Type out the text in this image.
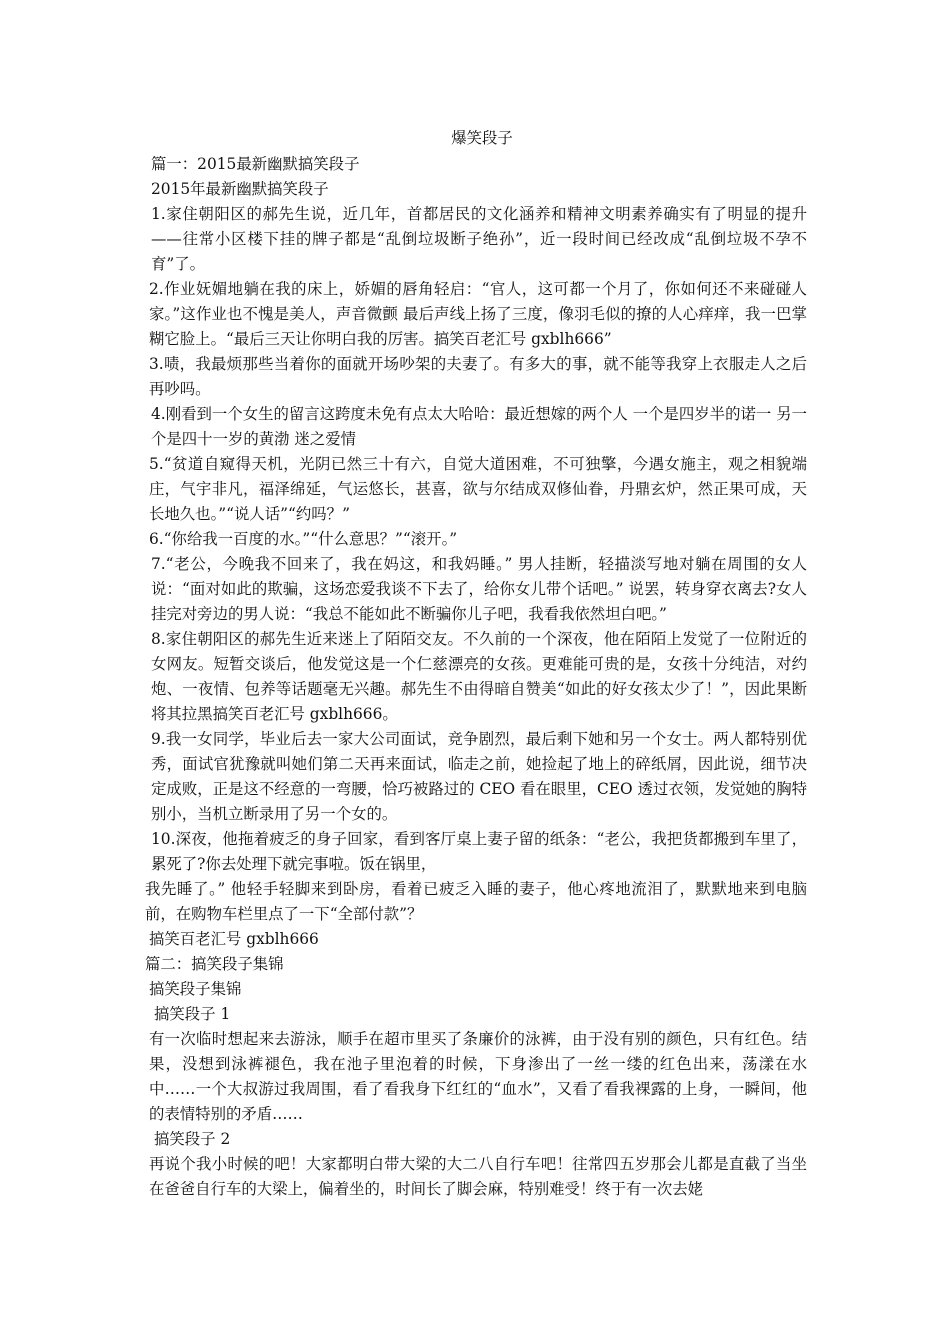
爆笑段子
篇一：2015最新幽默搞笑段子
2015年最新幽默搞笑段子
1.家住朝阳区的郝先生说，近几年，首都居民的文化涵养和精神文明素养确实有了明显的提升——往常小区楼下挂的牌子都是“乱倒垃圾断子绝孙”，近一段时间已经改成“乱倒垃圾不孕不育”了。
2.作业妩媚地躺在我的床上，娇媚的唇角轻启：“官人，这可都一个月了，你如何还不来碰碰人家。”这作业也不愧是美人，声音微颤 最后声线上扬了三度，像羽毛似的撩的人心痒痒，我一巴掌糊它脸上。“最后三天让你明白我的厉害。搞笑百老汇号 gxblh666”
3.啧，我最烦那些当着你的面就开场吵架的夫妻了。有多大的事，就不能等我穿上衣服走人之后再吵吗。
4.刚看到一个女生的留言这跨度未免有点太大哈哈：最近想嫁的两个人 一个是四岁半的诺一 另一个是四十一岁的黄渤 迷之爱情
5.“贫道自窥得天机，光阴已然三十有六，自觉大道困难，不可独擎，今遇女施主，观之相貌端庄，气宇非凡，福泽绵延，气运悠长，甚喜，欲与尔结成双修仙眷，丹鼎玄炉，然正果可成，天长地久也。”“说人话”“约吗？”
6.“你给我一百度的水。”“什么意思？”“滚开。”
7.“老公，今晚我不回来了，我在妈这，和我妈睡。” 男人挂断，轻描淡写地对躺在周围的女人说：“面对如此的欺骗，这场恋爱我谈不下去了，给你女儿带个话吧。” 说罢，转身穿衣离去?女人挂完对旁边的男人说：“我总不能如此不断骗你儿子吧，我看我依然坦白吧。”
8.家住朝阳区的郝先生近来迷上了陌陌交友。不久前的一个深夜，他在陌陌上发觉了一位附近的女网友。短暂交谈后，他发觉这是一个仁慈漂亮的女孩。更难能可贵的是，女孩十分纯洁，对约炮、一夜情、包养等话题毫无兴趣。郝先生不由得暗自赞美“如此的好女孩太少了！”，因此果断将其拉黑搞笑百老汇号 gxblh666。
9.我一女同学，毕业后去一家大公司面试，竞争剧烈，最后剩下她和另一个女士。两人都特别优秀，面试官犹豫就叫她们第二天再来面试，临走之前，她捡起了地上的碎纸屑，因此说，细节决定成败，正是这不经意的一弯腰，恰巧被路过的 CEO 看在眼里，CEO 透过衣领，发觉她的胸特别小，当机立断录用了另一个女的。
10.深夜，他拖着疲乏的身子回家，看到客厅桌上妻子留的纸条：“老公，我把货都搬到车里了，累死了?你去处理下就完事啦。饭在锅里，
我先睡了。” 他轻手轻脚来到卧房，看着已疲乏入睡的妻子，他心疼地流泪了，默默地来到电脑前，在购物车栏里点了一下“全部付款”？
搞笑百老汇号 gxblh666
篇二：搞笑段子集锦
搞笑段子集锦
搞笑段子 1
有一次临时想起来去游泳，顺手在超市里买了条廉价的泳裤，由于没有别的颜色，只有红色。结果，没想到泳裤褪色，我在池子里泡着的时候，下身渗出了一丝一缕的红色出来，荡漾在水中……一个大叔游过我周围，看了看我身下红红的“血水”，又看了看我裸露的上身，一瞬间，他的表情特别的矛盾……
搞笑段子 2
再说个我小时候的吧！大家都明白带大梁的大二八自行车吧！往常四五岁那会儿都是直截了当坐在爸爸自行车的大梁上，偏着坐的，时间长了脚会麻，特别难受！终于有一次去姥
